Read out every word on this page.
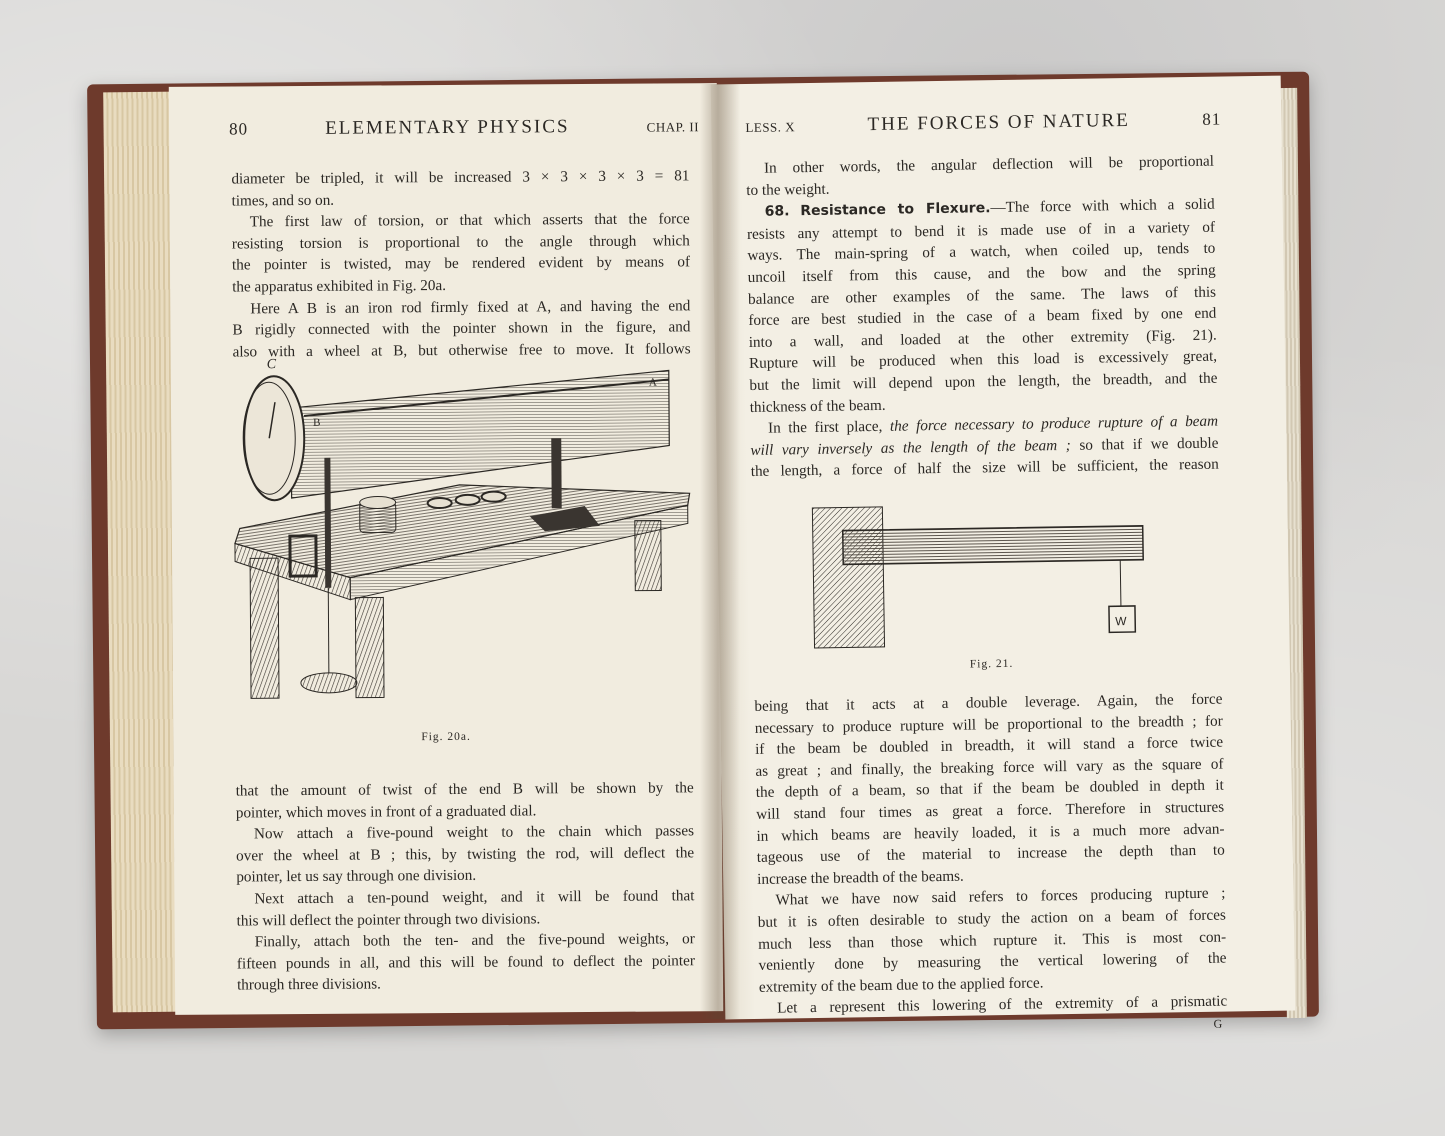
80	ELEMENTARY PHYSICS	CHAP. II
diameter be tripled, it will be increased 3 × 3 × 3 × 3 = 81
times, and so on.
The first law of torsion, or that which asserts that the force
resisting torsion is proportional to the angle through which
the pointer is twisted, may be rendered evident by means of
the apparatus exhibited in Fig. 20a.
Here A B is an iron rod firmly fixed at A, and having the end
B rigidly connected with the pointer shown in the figure, and
also with a wheel at B, but otherwise free to move. It follows
C
B
A
Fig. 20a.
that the amount of twist of the end B will be shown by the
pointer, which moves in front of a graduated dial.
Now attach a five-pound weight to the chain which passes
over the wheel at B ; this, by twisting the rod, will deflect the
pointer, let us say through one division.
Next attach a ten-pound weight, and it will be found that
this will deflect the pointer through two divisions.
Finally, attach both the ten- and the five-pound weights, or
fifteen pounds in all, and this will be found to deflect the pointer
through three divisions.
LESS. X	THE FORCES OF NATURE	81
In other words, the angular deflection will be proportional
to the weight.
68. Resistance to Flexure.—The force with which a solid
resists any attempt to bend it is made use of in a variety of
ways. The main-spring of a watch, when coiled up, tends to
uncoil itself from this cause, and the bow and the spring
balance are other examples of the same. The laws of this
force are best studied in the case of a beam fixed by one end
into a wall, and loaded at the other extremity (Fig. 21).
Rupture will be produced when this load is excessively great,
but the limit will depend upon the length, the breadth, and the
thickness of the beam.
In the first place, the force necessary to produce rupture of a beam
will vary inversely as the length of the beam ; so that if we double
the length, a force of half the size will be sufficient, the reason
W
Fig. 21.
being that it acts at a double leverage. Again, the force
necessary to produce rupture will be proportional to the breadth ; for
if the beam be doubled in breadth, it will stand a force twice
as great ; and finally, the breaking force will vary as the square of
the depth of a beam, so that if the beam be doubled in depth it
will stand four times as great a force. Therefore in structures
in which beams are heavily loaded, it is a much more advan-
tageous use of the material to increase the depth than to
increase the breadth of the beams.
What we have now said refers to forces producing rupture ;
but it is often desirable to study the action on a beam of forces
much less than those which rupture it. This is most con-
veniently done by measuring the vertical lowering of the
extremity of the beam due to the applied force.
Let a represent this lowering of the extremity of a prismatic
G
